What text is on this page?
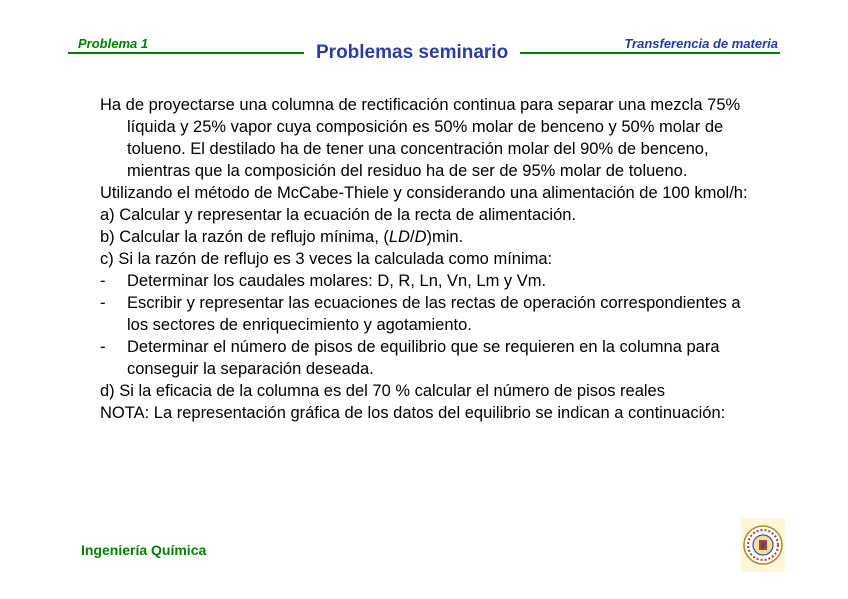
Problema 1	Problemas seminario	Transferencia de materia

Ha de proyectarse una columna de rectificación continua para separar una mezcla 75% líquida y 25% vapor cuya composición es 50% molar de benceno y 50% molar de tolueno. El destilado ha de tener una concentración molar del 90% de benceno, mientras que la composición del residuo ha de ser de 95% molar de tolueno.

Utilizando el método de McCabe-Thiele y considerando una alimentación de 100 kmol/h:

a) Calcular y representar la ecuación de la recta de alimentación.

b) Calcular la razón de reflujo mínima, (LD/D)min.

c) Si la razón de reflujo es 3 veces la calculada como mínima:

-	Determinar los caudales molares: D, R, Ln, Vn, Lm y Vm.
-	Escribir y representar las ecuaciones de las rectas de operación correspondientes a los sectores de enriquecimiento y agotamiento.
-	Determinar el número de pisos de equilibrio que se requieren en la columna para conseguir la separación deseada.

d) Si la eficacia de la columna es del 70 % calcular el número de pisos reales

NOTA: La representación gráfica de los datos del equilibrio se indican a continuación:

Ingeniería Química
